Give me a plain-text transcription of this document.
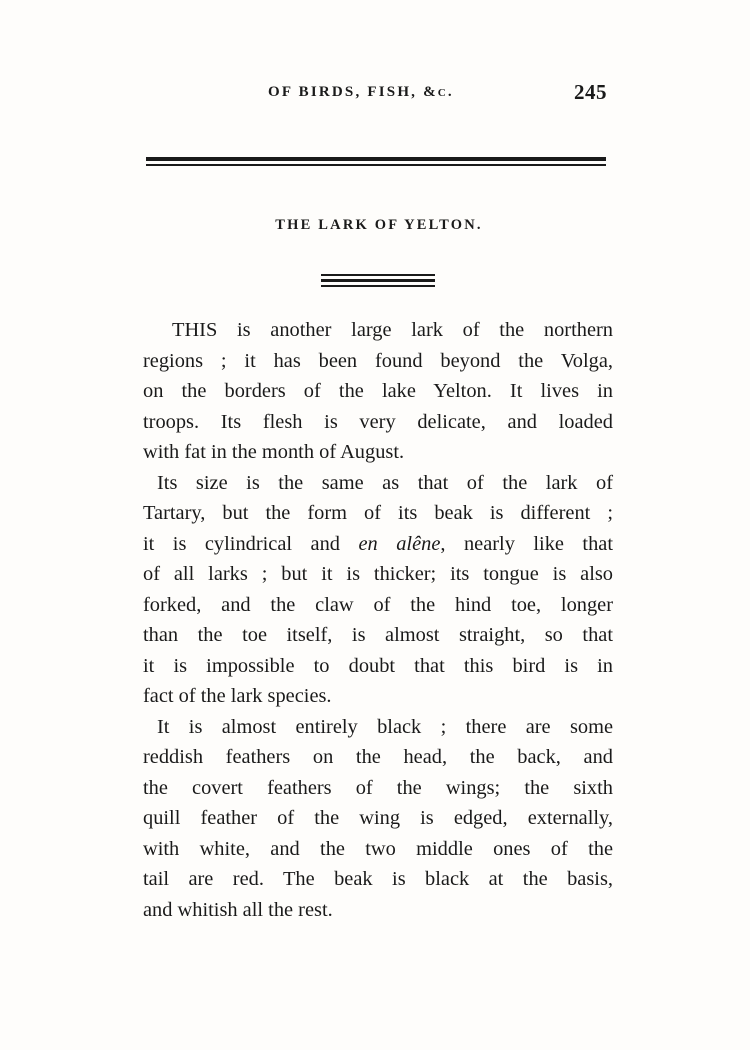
OF BIRDS, FISH, &c.	245
THE LARK OF YELTON.
THIS is another large lark of the northern
regions ; it has been found beyond the Volga,
on the borders of the lake Yelton. It lives in
troops. Its flesh is very delicate, and loaded
with fat in the month of August.
Its size is the same as that of the lark of
Tartary, but the form of its beak is different ;
it is cylindrical and en alêne, nearly like that
of all larks ; but it is thicker; its tongue is also
forked, and the claw of the hind toe, longer
than the toe itself, is almost straight, so that
it is impossible to doubt that this bird is in
fact of the lark species.
It is almost entirely black ; there are some
reddish feathers on the head, the back, and
the covert feathers of the wings; the sixth
quill feather of the wing is edged, externally,
with white, and the two middle ones of the
tail are red. The beak is black at the basis,
and whitish all the rest.
